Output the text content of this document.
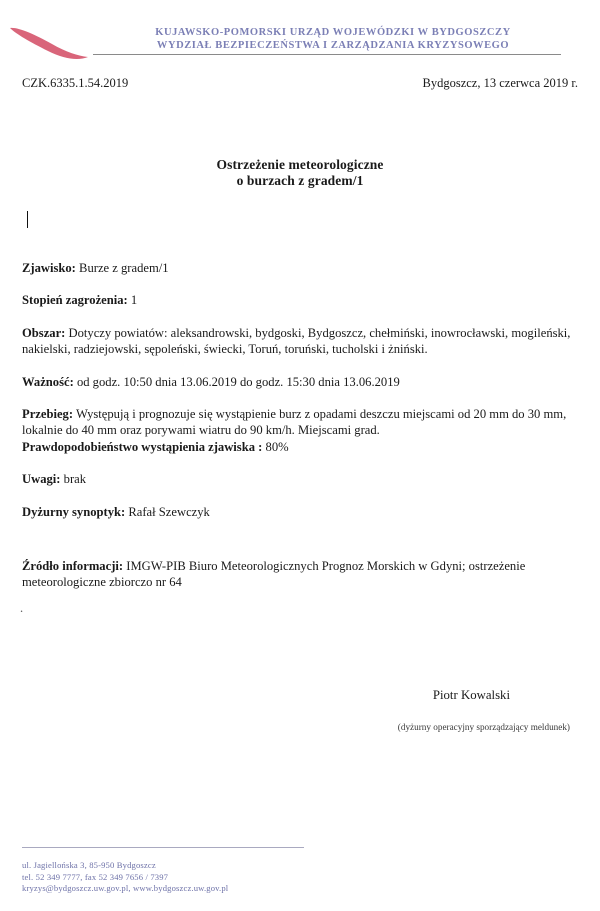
KUJAWSKO-POMORSKI URZĄD WOJEWÓDZKI W BYDGOSZCZY
WYDZIAŁ BEZPIECZEŃSTWA I ZARZĄDZANIA KRYZYSOWEGO
CZK.6335.1.54.2019	Bydgoszcz, 13 czerwca 2019 r.
Ostrzeżenie meteorologiczne
o burzach z gradem/1

Zjawisko: Burze z gradem/1

Stopień zagrożenia: 1

Obszar: Dotyczy powiatów: aleksandrowski, bydgoski, Bydgoszcz, chełmiński, inowrocławski, mogileński, nakielski, radziejowski, sępoleński, świecki, Toruń, toruński, tucholski i żniński.

Ważność: od godz. 10:50 dnia 13.06.2019 do godz. 15:30 dnia 13.06.2019

Przebieg: Występują i prognozuje się wystąpienie burz z opadami deszczu miejscami od 20 mm do 30 mm, lokalnie do 40 mm oraz porywami wiatru do 90 km/h. Miejscami grad.

Prawdopodobieństwo wystąpienia zjawiska : 80%

Uwagi: brak

Dyżurny synoptyk: Rafał Szewczyk

Źródło informacji: IMGW-PIB Biuro Meteorologicznych Prognoz Morskich w Gdyni; ostrzeżenie meteorologiczne zbiorczo nr 64

.
Piotr Kowalski
(dyżurny operacyjny sporządzający meldunek)
ul. Jagiellońska 3, 85-950 Bydgoszcz
tel. 52 349 7777, fax 52 349 7656 / 7397
kryzys@bydgoszcz.uw.gov.pl, www.bydgoszcz.uw.gov.pl
